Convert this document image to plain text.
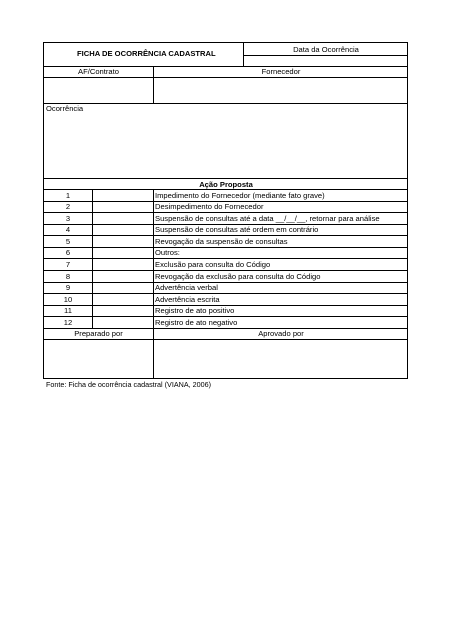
FICHA DE OCORRÊNCIA CADASTRAL	Data da Ocorrência
AF/Contrato	Fornecedor
Ocorrência
Ação Proposta
1	Impedimento do Fornecedor (mediante fato grave)
2	Desimpedimento do Fornecedor
3	Suspensão de consultas até a data __/__/__, retornar para análise
4	Suspensão de consultas até ordem em contrário
5	Revogação da suspensão de consultas
6	Outros:
7	Exclusão para consulta do Código
8	Revogação da exclusão para consulta do Código
9	Advertência verbal
10	Advertência escrita
11	Registro de ato positivo
12	Registro de ato negativo
Preparado por	Aprovado por
Fonte: Ficha de ocorrência cadastral (VIANA, 2006)
